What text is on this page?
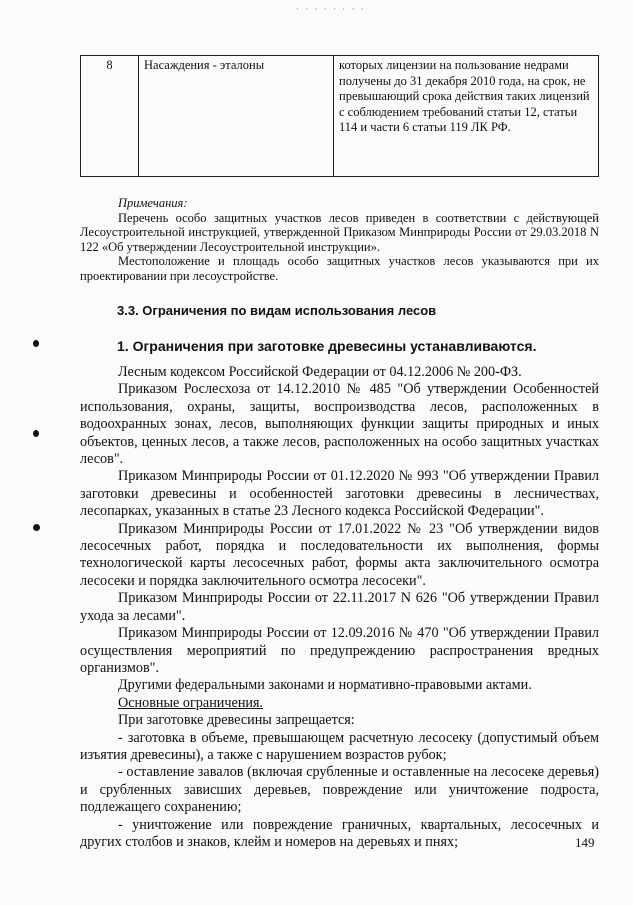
· · · · · · · ·
8	Насаждения - эталоны	которых лицензии на пользование недрами получены до 31 декабря 2010 года, на срок, не превышающий срока действия таких лицензий с соблюдением требований статьи 12, статьи 114 и части 6 статьи 119 ЛК РФ.

Примечания:

Перечень особо защитных участков лесов приведен в соответствии с действующей Лесоустроительной инструкцией, утвержденной Приказом Минприроды России от 29.03.2018 N 122 «Об утверждении Лесоустроительной инструкции».

Местоположение и площадь особо защитных участков лесов указываются при их проектировании при лесоустройстве.

3.3. Ограничения по видам использования лесов
1. Ограничения при заготовке древесины устанавливаются.

Лесным кодексом Российской Федерации от 04.12.2006 № 200-ФЗ.

Приказом Рослесхоза от 14.12.2010 № 485 "Об утверждении Особенностей использования, охраны, защиты, воспроизводства лесов, расположенных в водоохранных зонах, лесов, выполняющих функции защиты природных и иных объектов, ценных лесов, а также лесов, расположенных на особо защитных участках лесов".

Приказом Минприроды России от 01.12.2020 № 993 "Об утверждении Правил заготовки древесины и особенностей заготовки древесины в лесничествах, лесопарках, указанных в статье 23 Лесного кодекса Российской Федерации".

Приказом Минприроды России от 17.01.2022 № 23 "Об утверждении видов лесосечных работ, порядка и последовательности их выполнения, формы технологической карты лесосечных работ, формы акта заключительного осмотра лесосеки и порядка заключительного осмотра лесосеки".

Приказом Минприроды России от 22.11.2017 N 626 "Об утверждении Правил ухода за лесами".

Приказом Минприроды России от 12.09.2016 № 470 "Об утверждении Правил осуществления мероприятий по предупреждению распространения вредных организмов".

Другими федеральными законами и нормативно-правовыми актами.

Основные ограничения.

При заготовке древесины запрещается:

- заготовка в объеме, превышающем расчетную лесосеку (допустимый объем изъятия древесины), а также с нарушением возрастов рубок;

- оставление завалов (включая срубленные и оставленные на лесосеке деревья) и срубленных зависших деревьев, повреждение или уничтожение подроста, подлежащего сохранению;

- уничтожение или повреждение граничных, квартальных, лесосечных и других столбов и знаков, клейм и номеров на деревьях и пнях;	149
